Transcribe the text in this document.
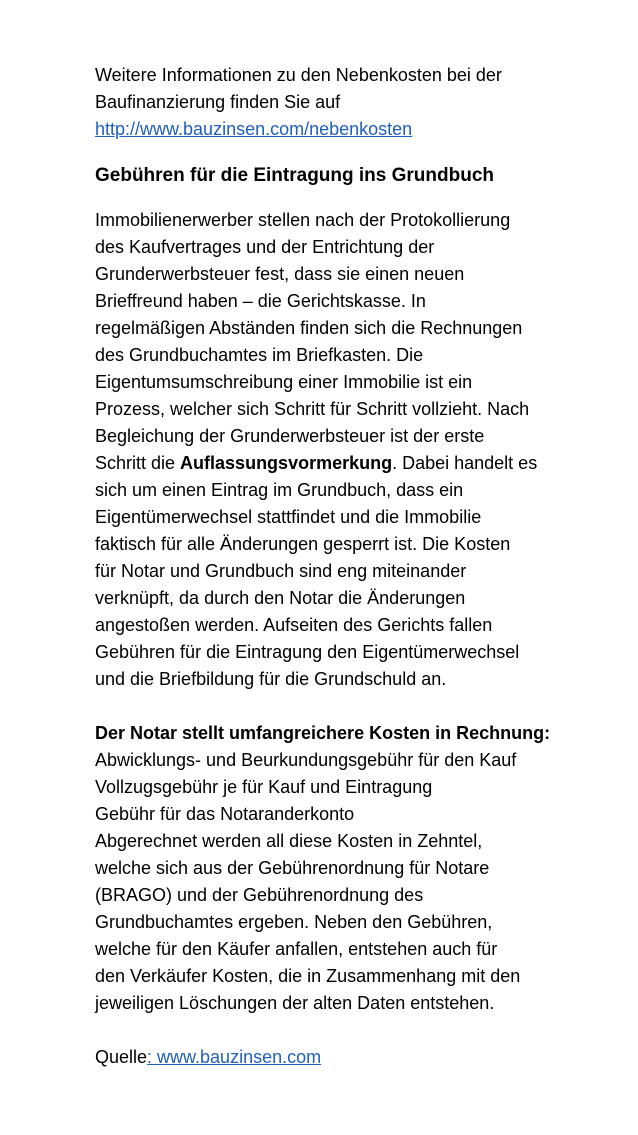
Weitere Informationen zu den Nebenkosten bei der
Baufinanzierung finden Sie auf
http://www.bauzinsen.com/nebenkosten

Gebühren für die Eintragung ins Grundbuch

Immobilienerwerber stellen nach der Protokollierung
des Kaufvertrages und der Entrichtung der
Grunderwerbsteuer fest, dass sie einen neuen
Brieffreund haben – die Gerichtskasse. In
regelmäßigen Abständen finden sich die Rechnungen
des Grundbuchamtes im Briefkasten. Die
Eigentumsumschreibung einer Immobilie ist ein
Prozess, welcher sich Schritt für Schritt vollzieht. Nach
Begleichung der Grunderwerbsteuer ist der erste
Schritt die Auflassungsvormerkung. Dabei handelt es
sich um einen Eintrag im Grundbuch, dass ein
Eigentümerwechsel stattfindet und die Immobilie
faktisch für alle Änderungen gesperrt ist. Die Kosten
für Notar und Grundbuch sind eng miteinander
verknüpft, da durch den Notar die Änderungen
angestoßen werden. Aufseiten des Gerichts fallen
Gebühren für die Eintragung den Eigentümerwechsel
und die Briefbildung für die Grundschuld an.

Der Notar stellt umfangreichere Kosten in Rechnung:
Abwicklungs- und Beurkundungsgebühr für den Kauf
Vollzugsgebühr je für Kauf und Eintragung
Gebühr für das Notaranderkonto
Abgerechnet werden all diese Kosten in Zehntel,
welche sich aus der Gebührenordnung für Notare
(BRAGO) und der Gebührenordnung des
Grundbuchamtes ergeben. Neben den Gebühren,
welche für den Käufer anfallen, entstehen auch für
den Verkäufer Kosten, die in Zusammenhang mit den
jeweiligen Löschungen der alten Daten entstehen.

Quelle: www.bauzinsen.com
